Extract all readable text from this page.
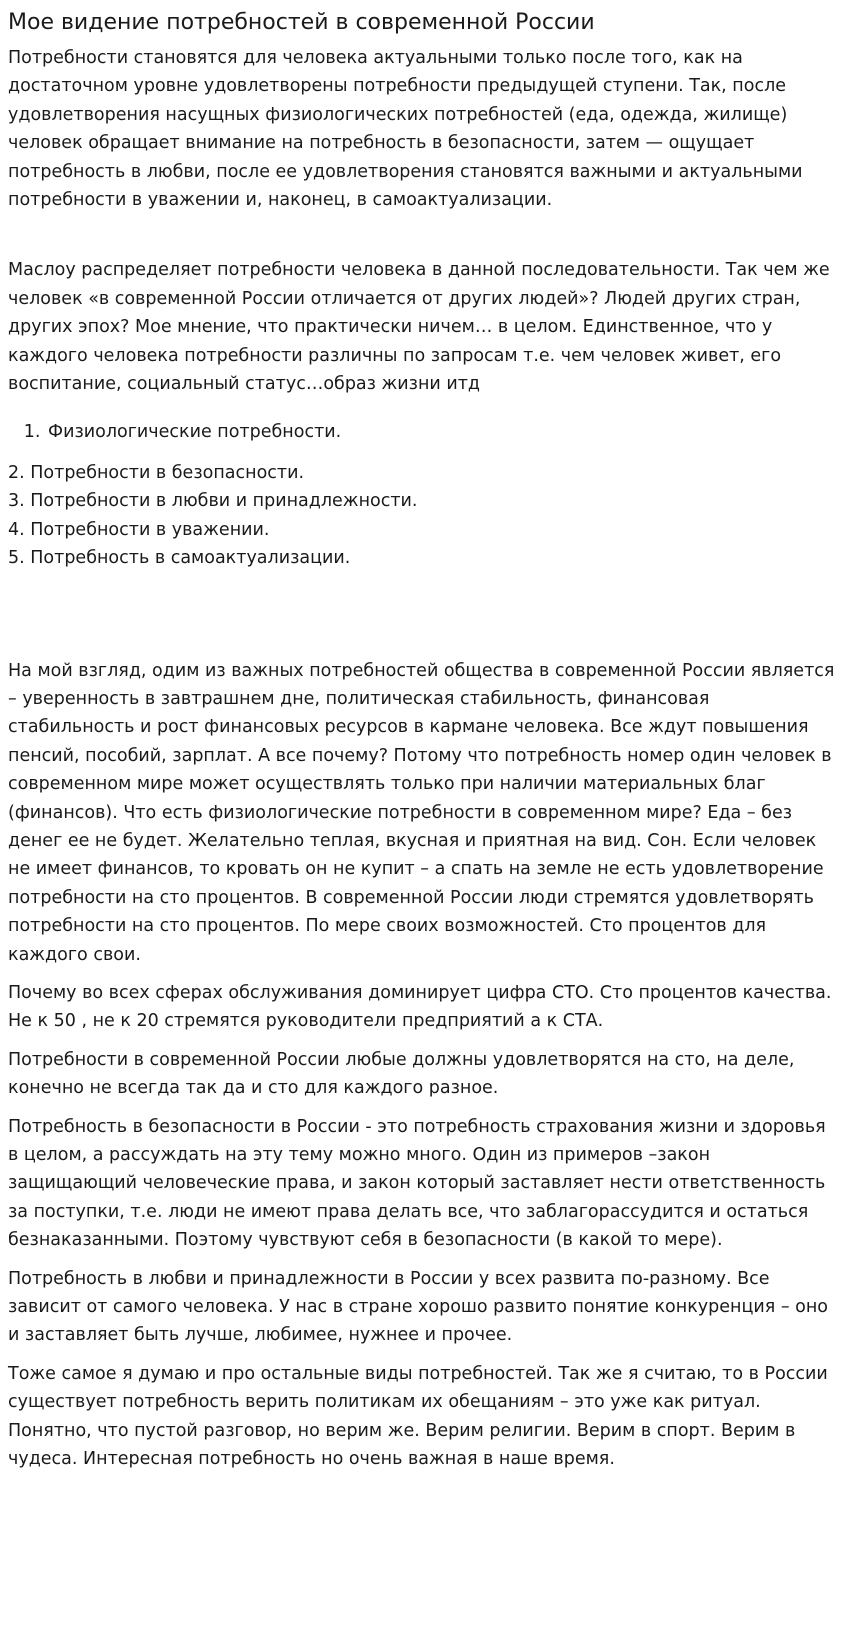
Мое видение потребностей в современной России

Потребности становятся для человека актуальными только после того, как на достаточном уровне удовлетворены потребности предыдущей ступени. Так, после удовлетворения насущных физиологических потребностей (еда, одежда, жилище) человек обращает внимание на потребность в безопасности, затем — ощущает потребность в любви, после ее удовлетворения становятся важными и актуальными потребности в уважении и, наконец, в самоактуализации.

Маслоу распределяет потребности человека в данной последовательности. Так чем же человек «в современной России отличается от других людей»? Людей других стран, других эпох? Мое мнение, что практически ничем… в целом. Единственное, что у каждого человека потребности различны по запросам т.е. чем человек живет, его воспитание, социальный статус…образ жизни итд

1. Физиологические потребности.
2. Потребности в безопасности.
3. Потребности в любви и принадлежности.
4. Потребности в уважении.
5. Потребность в самоактуализации.

На мой взгляд, одим из важных потребностей общества в современной России является – уверенность в завтрашнем дне, политическая стабильность, финансовая стабильность и рост финансовых ресурсов в кармане человека. Все ждут повышения пенсий, пособий, зарплат. А все почему? Потому что потребность номер один человек в современном мире может осуществлять только при наличии материальных благ (финансов). Что есть физиологические потребности в современном мире? Еда – без денег ее не будет. Желательно теплая, вкусная и приятная на вид. Сон. Если человек не имеет финансов, то кровать он не купит – а спать на земле не есть удовлетворение потребности на сто процентов. В современной России люди стремятся удовлетворять потребности на сто процентов. По мере своих возможностей. Сто процентов для каждого свои.

Почему во всех сферах обслуживания доминирует цифра СТО. Сто процентов качества. Не к 50 , не к 20 стремятся руководители предприятий а к СТА.

Потребности в современной России любые должны удовлетворятся на сто, на деле, конечно не всегда так да и сто для каждого разное.

Потребность в безопасности в России - это потребность страхования жизни и здоровья в целом, а рассуждать на эту тему можно много. Один из примеров –закон защищающий человеческие права, и закон который заставляет нести ответственность за поступки, т.е. люди не имеют права делать все, что заблагорассудится и остаться безнаказанными. Поэтому чувствуют себя в безопасности (в какой то мере).

Потребность в любви и принадлежности в России у всех развита по-разному. Все зависит от самого человека. У нас в стране хорошо развито понятие конкуренция – оно и заставляет быть лучше, любимее, нужнее и прочее.

Тоже самое я думаю и про остальные виды потребностей. Так же я считаю, то в России существует потребность верить политикам их обещаниям – это уже как ритуал. Понятно, что пустой разговор, но верим же. Верим религии. Верим в спорт. Верим в чудеса. Интересная потребность но очень важная в наше время.
